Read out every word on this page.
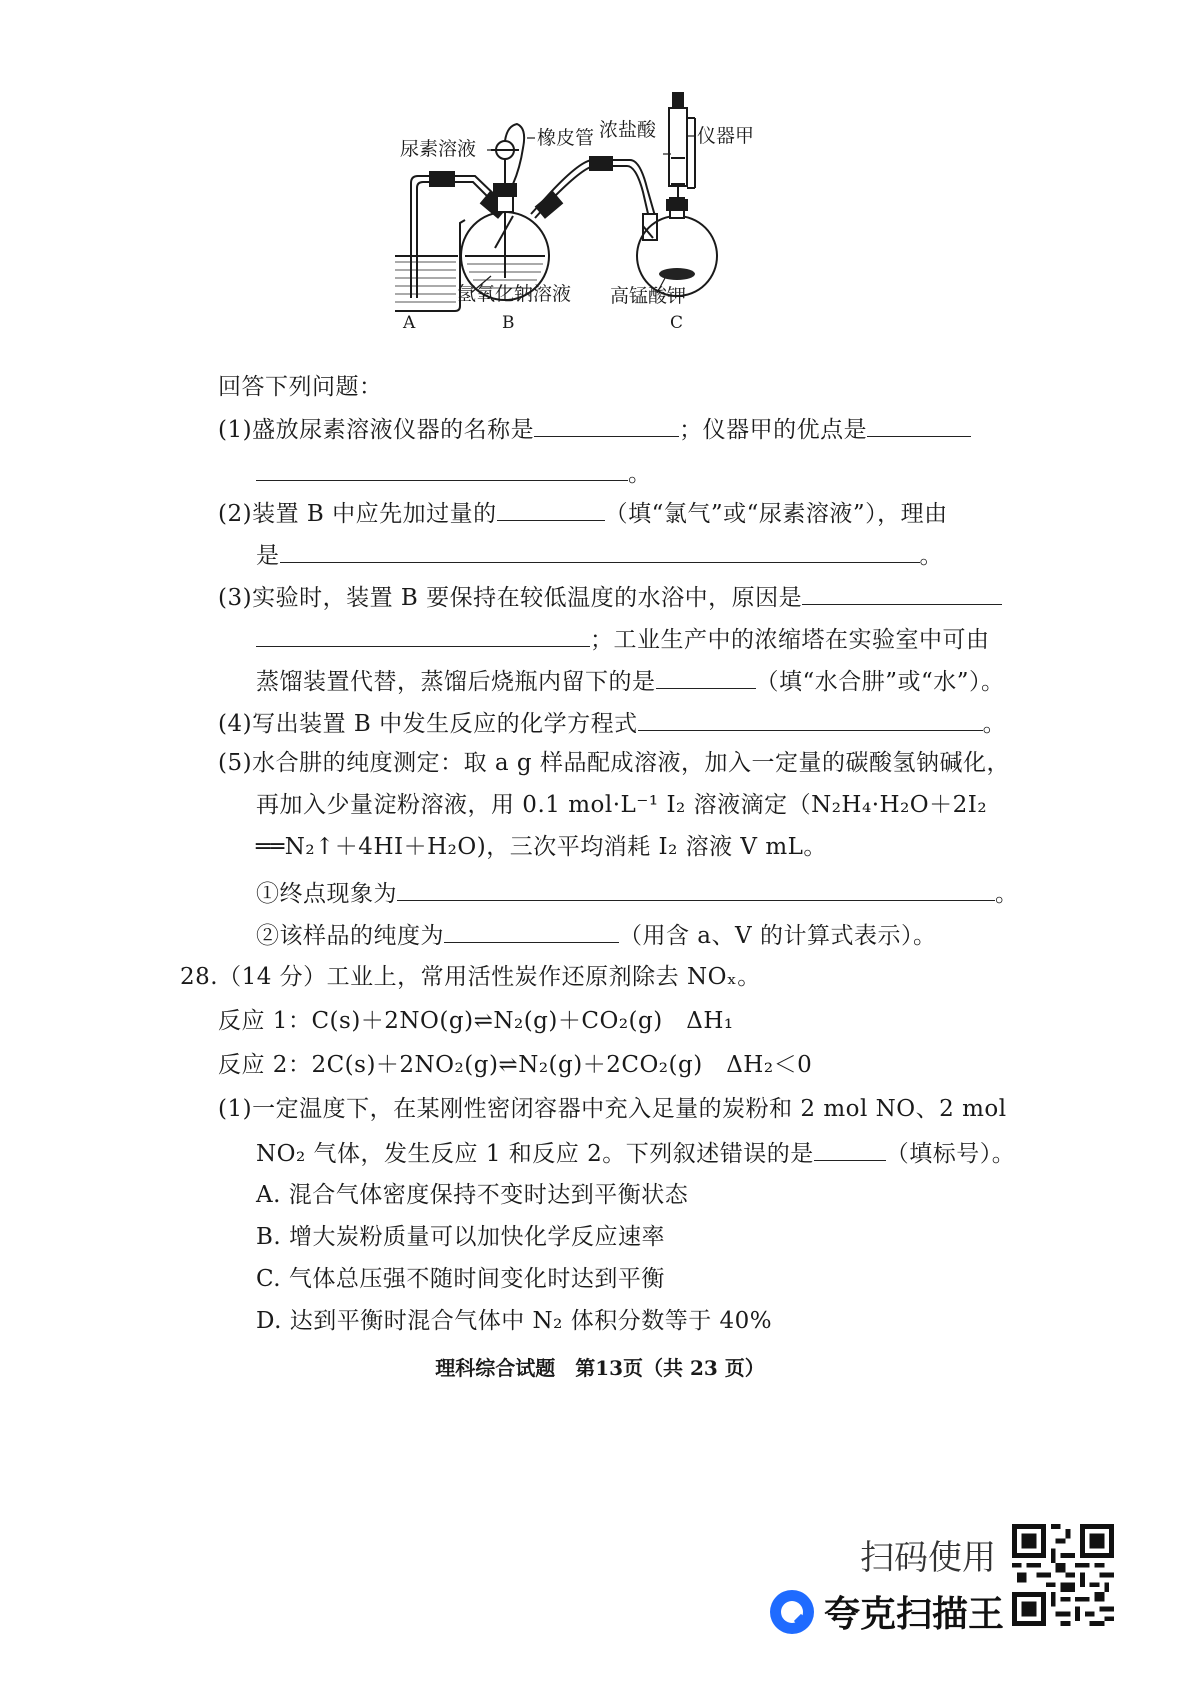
尿素溶液	橡皮管 浓盐酸 仪器甲
氢氧化钠溶液 高锰酸钾
A	B	C
回答下列问题：
(1)盛放尿素溶液仪器的名称是	；仪器甲的优点是
。
(2)装置 B 中应先加过量的	（填“氯气”或“尿素溶液”），理由
是	。
(3)实验时，装置 B 要保持在较低温度的水浴中，原因是
；工业生产中的浓缩塔在实验室中可由
蒸馏装置代替，蒸馏后烧瓶内留下的是	（填“水合肼”或“水”）。
(4)写出装置 B 中发生反应的化学方程式	。
(5)水合肼的纯度测定：取 a g 样品配成溶液，加入一定量的碳酸氢钠碱化，
再加入少量淀粉溶液，用 0.1 mol·L⁻¹ I₂ 溶液滴定（N₂H₄·H₂O＋2I₂
══N₂↑＋4HI＋H₂O)，三次平均消耗 I₂ 溶液 V mL。
①终点现象为	。
②该样品的纯度为	（用含 a、V 的计算式表示）。
28.（14 分）工业上，常用活性炭作还原剂除去 NOₓ。
反应 1：C(s)＋2NO(g)⇌N₂(g)＋CO₂(g)　ΔH₁
反应 2：2C(s)＋2NO₂(g)⇌N₂(g)＋2CO₂(g)　ΔH₂＜0
(1)一定温度下，在某刚性密闭容器中充入足量的炭粉和 2 mol NO、2 mol
NO₂ 气体，发生反应 1 和反应 2。下列叙述错误的是	（填标号）。
A. 混合气体密度保持不变时达到平衡状态
B. 增大炭粉质量可以加快化学反应速率
C. 气体总压强不随时间变化时达到平衡
D. 达到平衡时混合气体中 N₂ 体积分数等于 40%
理科综合试题　第13页（共 23 页）
扫码使用
夸克扫描王
